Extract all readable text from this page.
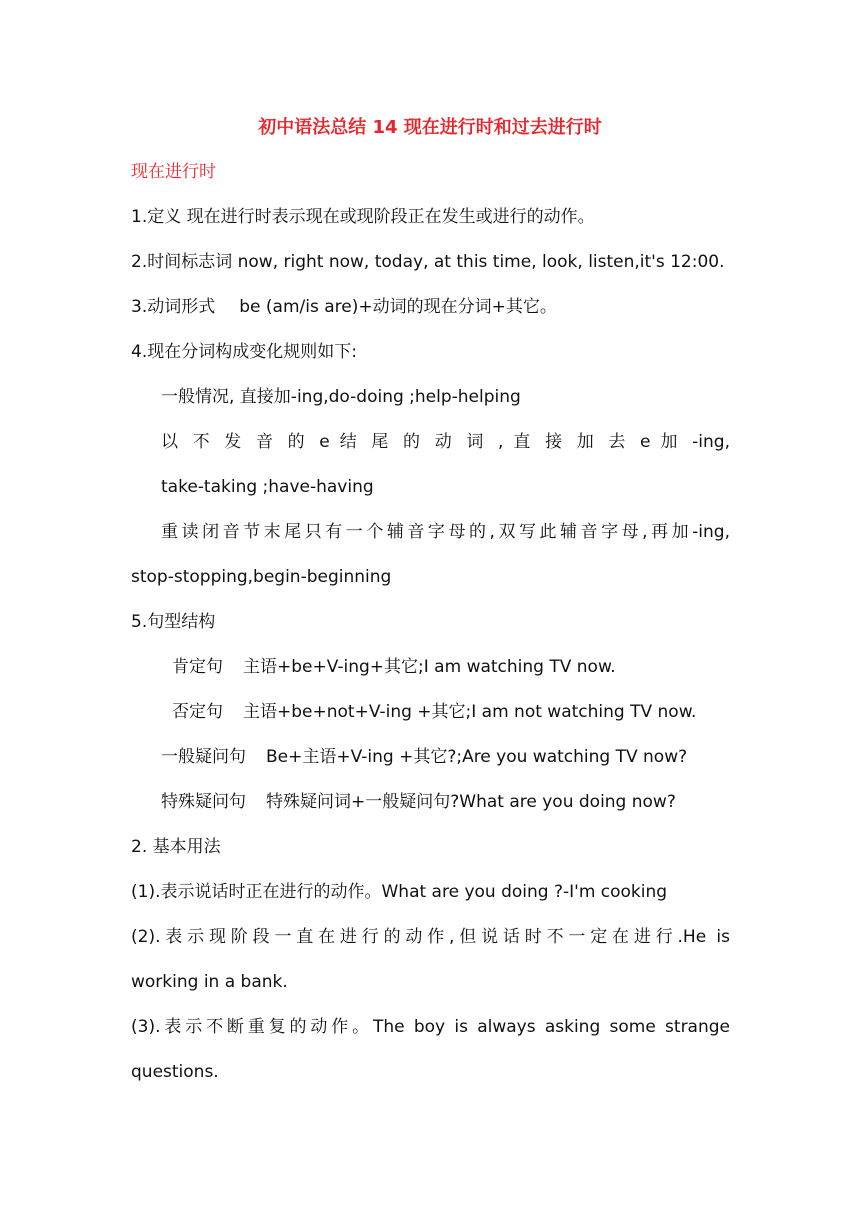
初中语法总结 14 现在进行时和过去进行时
现在进行时
1.定义 现在进行时表示现在或现阶段正在发生或进行的动作。
2.时间标志词 now, right now, today, at this time, look, listen,it's 12:00.
3.动词形式 be (am/is are)+动词的现在分词+其它。
4.现在分词构成变化规则如下:
一般情况, 直接加-ing,do-doing ;help-helping
以 不 发 音 的 e 结 尾 的 动 词 , 直 接 加 去 e 加 -ing,
take-taking ;have-having
重读闭音节末尾只有一个辅音字母的,双写此辅音字母,再加-ing,
stop-stopping,begin-beginning
5.句型结构
肯定句 主语+be+V-ing+其它;I am watching TV now.
否定句 主语+be+not+V-ing +其它;I am not watching TV now.
一般疑问句 Be+主语+V-ing +其它?;Are you watching TV now?
特殊疑问句 特殊疑问词+一般疑问句?What are you doing now?
2. 基本用法
(1).表示说话时正在进行的动作。What are you doing ?-I'm cooking
(2).表示现阶段一直在进行的动作,但说话时不一定在进行.He is
working in a bank.
(3).表示不断重复的动作。The boy is always asking some strange
questions.
